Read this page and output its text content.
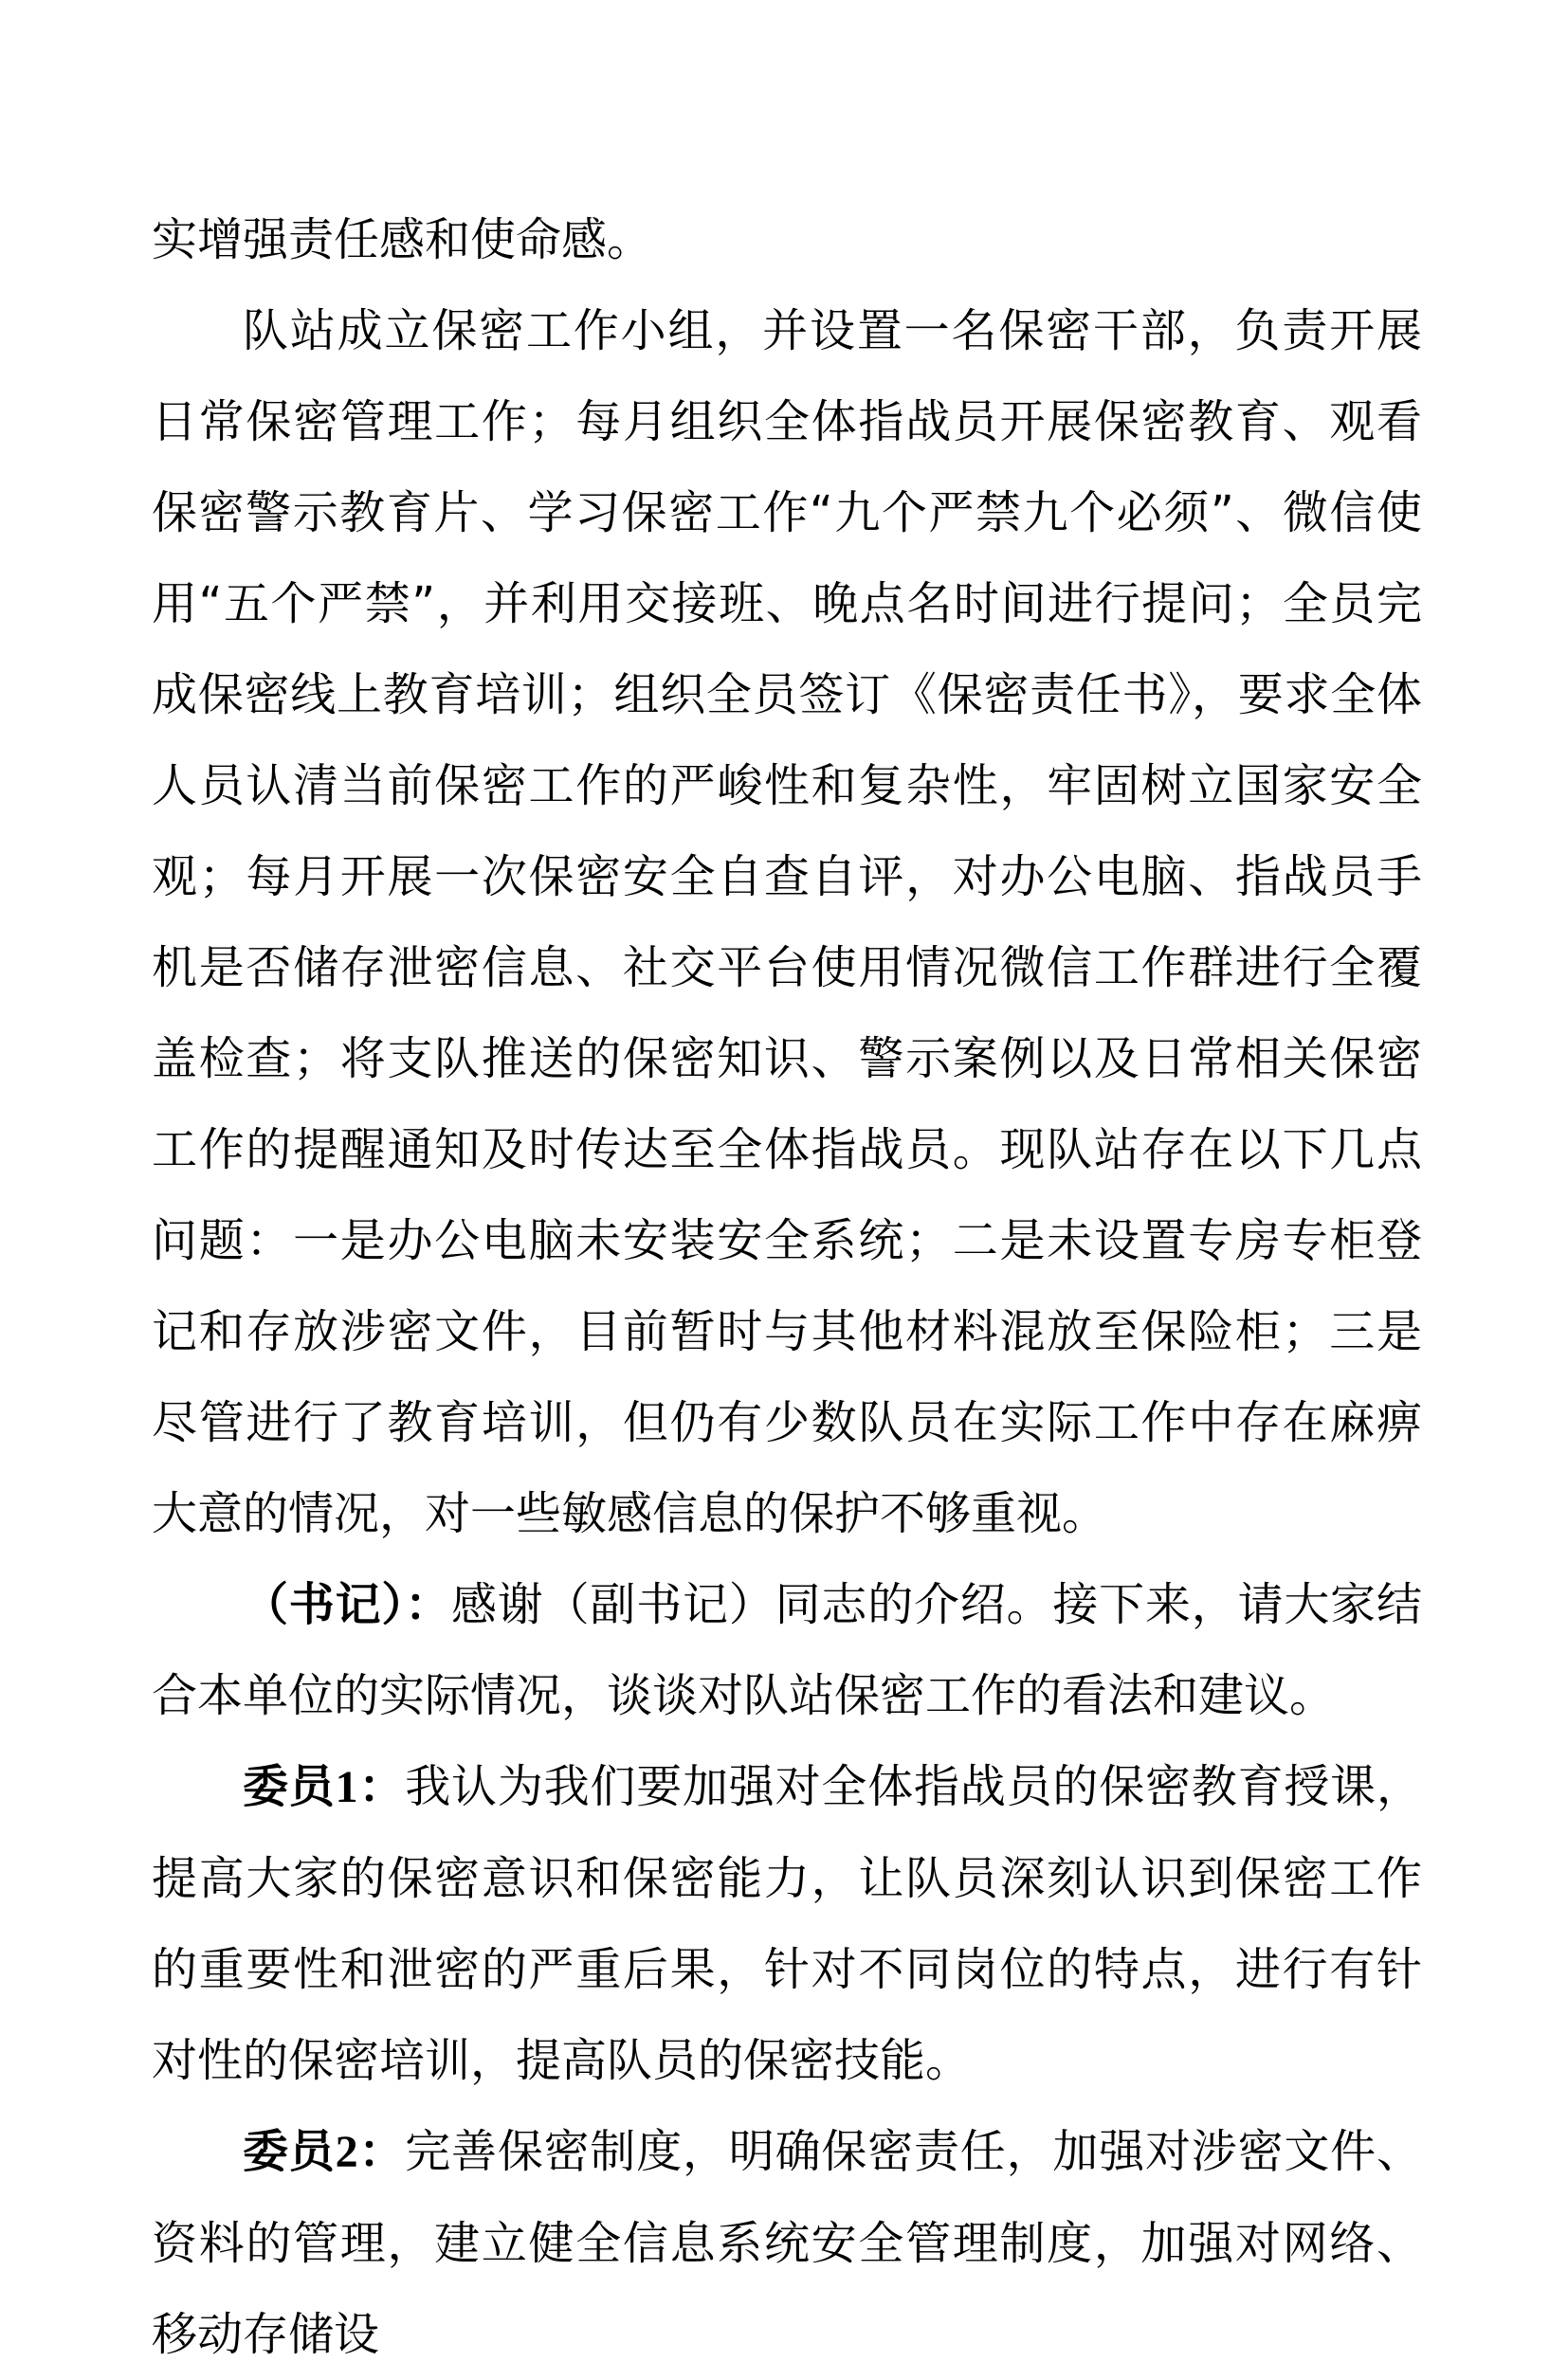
实增强责任感和使命感。

队站成立保密工作小组，并设置一名保密干部，负责开展日常保密管理工作；每月组织全体指战员开展保密教育、观看保密警示教育片、学习保密工作“九个严禁九个必须”、微信使用“五个严禁”，并利用交接班、晚点名时间进行提问；全员完成保密线上教育培训；组织全员签订《保密责任书》，要求全体人员认清当前保密工作的严峻性和复杂性，牢固树立国家安全观；每月开展一次保密安全自查自评，对办公电脑、指战员手机是否储存泄密信息、社交平台使用情况微信工作群进行全覆盖检查；将支队推送的保密知识、警示案例以及日常相关保密工作的提醒通知及时传达至全体指战员。现队站存在以下几点问题：一是办公电脑未安装安全系统；二是未设置专房专柜登记和存放涉密文件，目前暂时与其他材料混放至保险柜；三是尽管进行了教育培训，但仍有少数队员在实际工作中存在麻痹大意的情况，对一些敏感信息的保护不够重视。

（书记）：感谢（副书记）同志的介绍。接下来，请大家结合本单位的实际情况，谈谈对队站保密工作的看法和建议。

委员1：我认为我们要加强对全体指战员的保密教育授课，提高大家的保密意识和保密能力，让队员深刻认识到保密工作的重要性和泄密的严重后果，针对不同岗位的特点，进行有针对性的保密培训，提高队员的保密技能。

委员2：完善保密制度，明确保密责任，加强对涉密文件、资料的管理，建立健全信息系统安全管理制度，加强对网络、移动存储设
